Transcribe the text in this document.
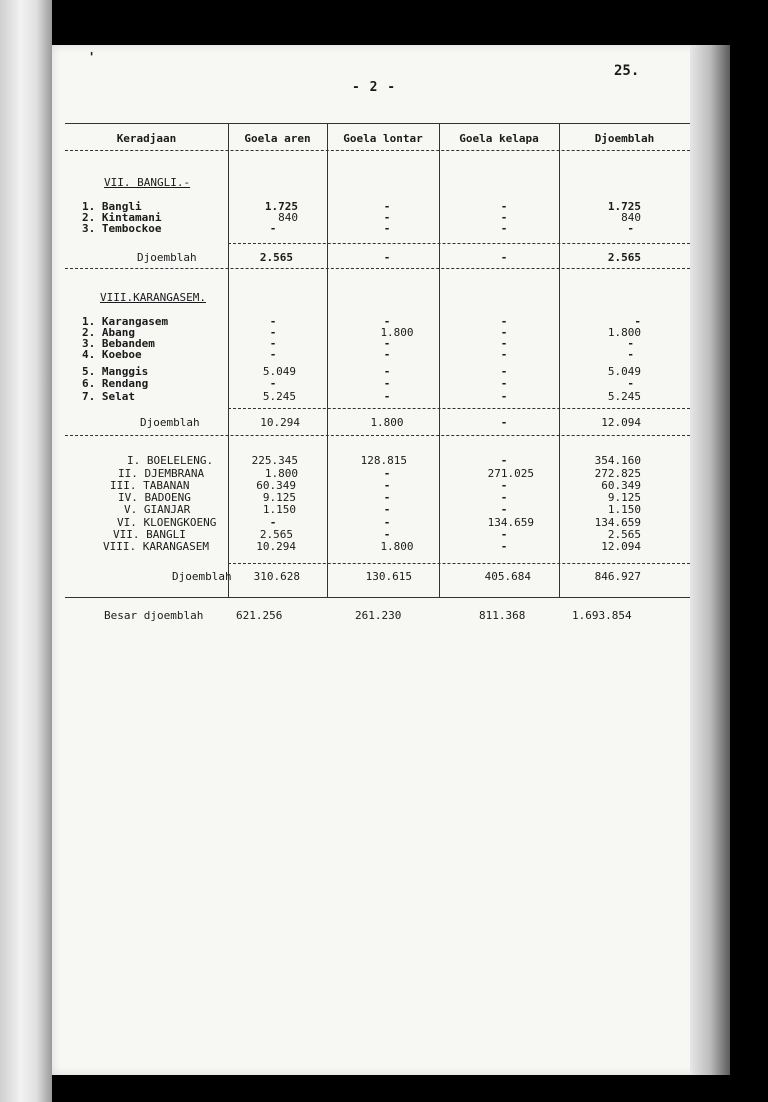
'
- 2 -
25.
Keradjaan	Goela aren	Goela lontar	Goela kelapa	Djoemblah
VII. BANGLI.-
1. Bangli	1.725	-	-	1.725
2. Kintamani	840	-	-	840
3. Tembockoe	-	-	-	-
Djoemblah	2.565	-	-	2.565
VIII.KARANGASEM.
1. Karangasem	-	-	-	-
2. Abang	-	1.800	-	1.800
3. Bebandem	-	-	-	-
4. Koeboe	-	-	-	-
5. Manggis	5.049	-	-	5.049
6. Rendang	-	-	-	-
7. Selat	5.245	-	-	5.245
Djoemblah	10.294	1.800	-	12.094
I. BOELELENG.	225.345	128.815	-	354.160
II. DJEMBRANA	1.800	-	271.025	272.825
III. TABANAN	60.349	-	-	60.349
IV. BADOENG	9.125	-	-	9.125
V. GIANJAR	1.150	-	-	1.150
VI. KLOENGKOENG	-	-	134.659	134.659
VII. BANGLI	2.565	-	-	2.565
VIII. KARANGASEM	10.294	1.800	-	12.094
Djoemblah	310.628	130.615	405.684	846.927
Besar djoemblah	621.256	261.230	811.368	1.693.854
